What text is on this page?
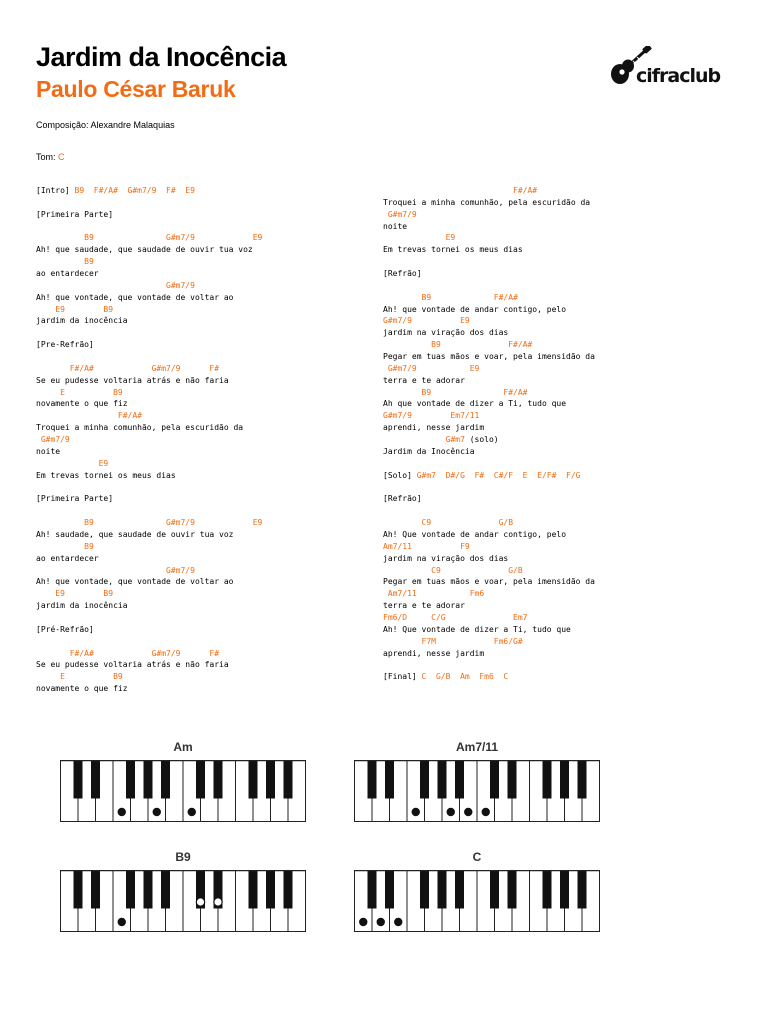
Jardim da Inocência
Paulo César Baruk	cifraclub
Composição: Alexandre Malaquias
Tom: C
[Intro] B9  F#/A#  G#m7/9  F#  E9
[Primeira Parte]
B9               G#m7/9            E9
Ah! que saudade, que saudade de ouvir tua voz
B9
ao entardecer
G#m7/9
Ah! que vontade, que vontade de voltar ao
E9        B9
jardim da inocência
[Pre-Refrão]
F#/A#            G#m7/9      F#
Se eu pudesse voltaria atrás e não faria
E          B9
novamente o que fiz
F#/A#
Troquei a minha comunhão, pela escuridão da
G#m7/9
noite
E9
Em trevas tornei os meus dias
[Primeira Parte]
B9               G#m7/9            E9
Ah! saudade, que saudade de ouvir tua voz
B9
ao entardecer
G#m7/9
Ah! que vontade, que vontade de voltar ao
E9        B9
jardim da inocência
[Pré-Refrão]
F#/A#            G#m7/9      F#
Se eu pudesse voltaria atrás e não faria
E          B9
novamente o que fiz
F#/A#
Troquei a minha comunhão, pela escuridão da
G#m7/9
noite
E9
Em trevas tornei os meus dias
[Refrão]
B9             F#/A#
Ah! que vontade de andar contigo, pelo
G#m7/9          E9
jardim na viração dos dias
B9              F#/A#
Pegar em tuas mãos e voar, pela imensidão da
G#m7/9           E9
terra e te adorar
B9               F#/A#
Ah que vontade de dizer a Ti, tudo que
G#m7/9        Em7/11
aprendi, nesse jardim
G#m7 (solo)
Jardim da Inocência
[Solo] G#m7  D#/G  F#  C#/F  E  E/F#  F/G
[Refrão]
C9              G/B
Ah! Que vontade de andar contigo, pelo
Am7/11          F9
jardim na viração dos dias
C9              G/B
Pegar em tuas mãos e voar, pela imensidão da
Am7/11           Fm6
terra e te adorar
Fm6/D     C/G              Em7
Ah! Que vontade de dizer a Ti, tudo que
F7M            Fm6/G#
aprendi, nesse jardim
[Final] C  G/B  Am  Fm6  C
Am	Am7/11
B9	C
